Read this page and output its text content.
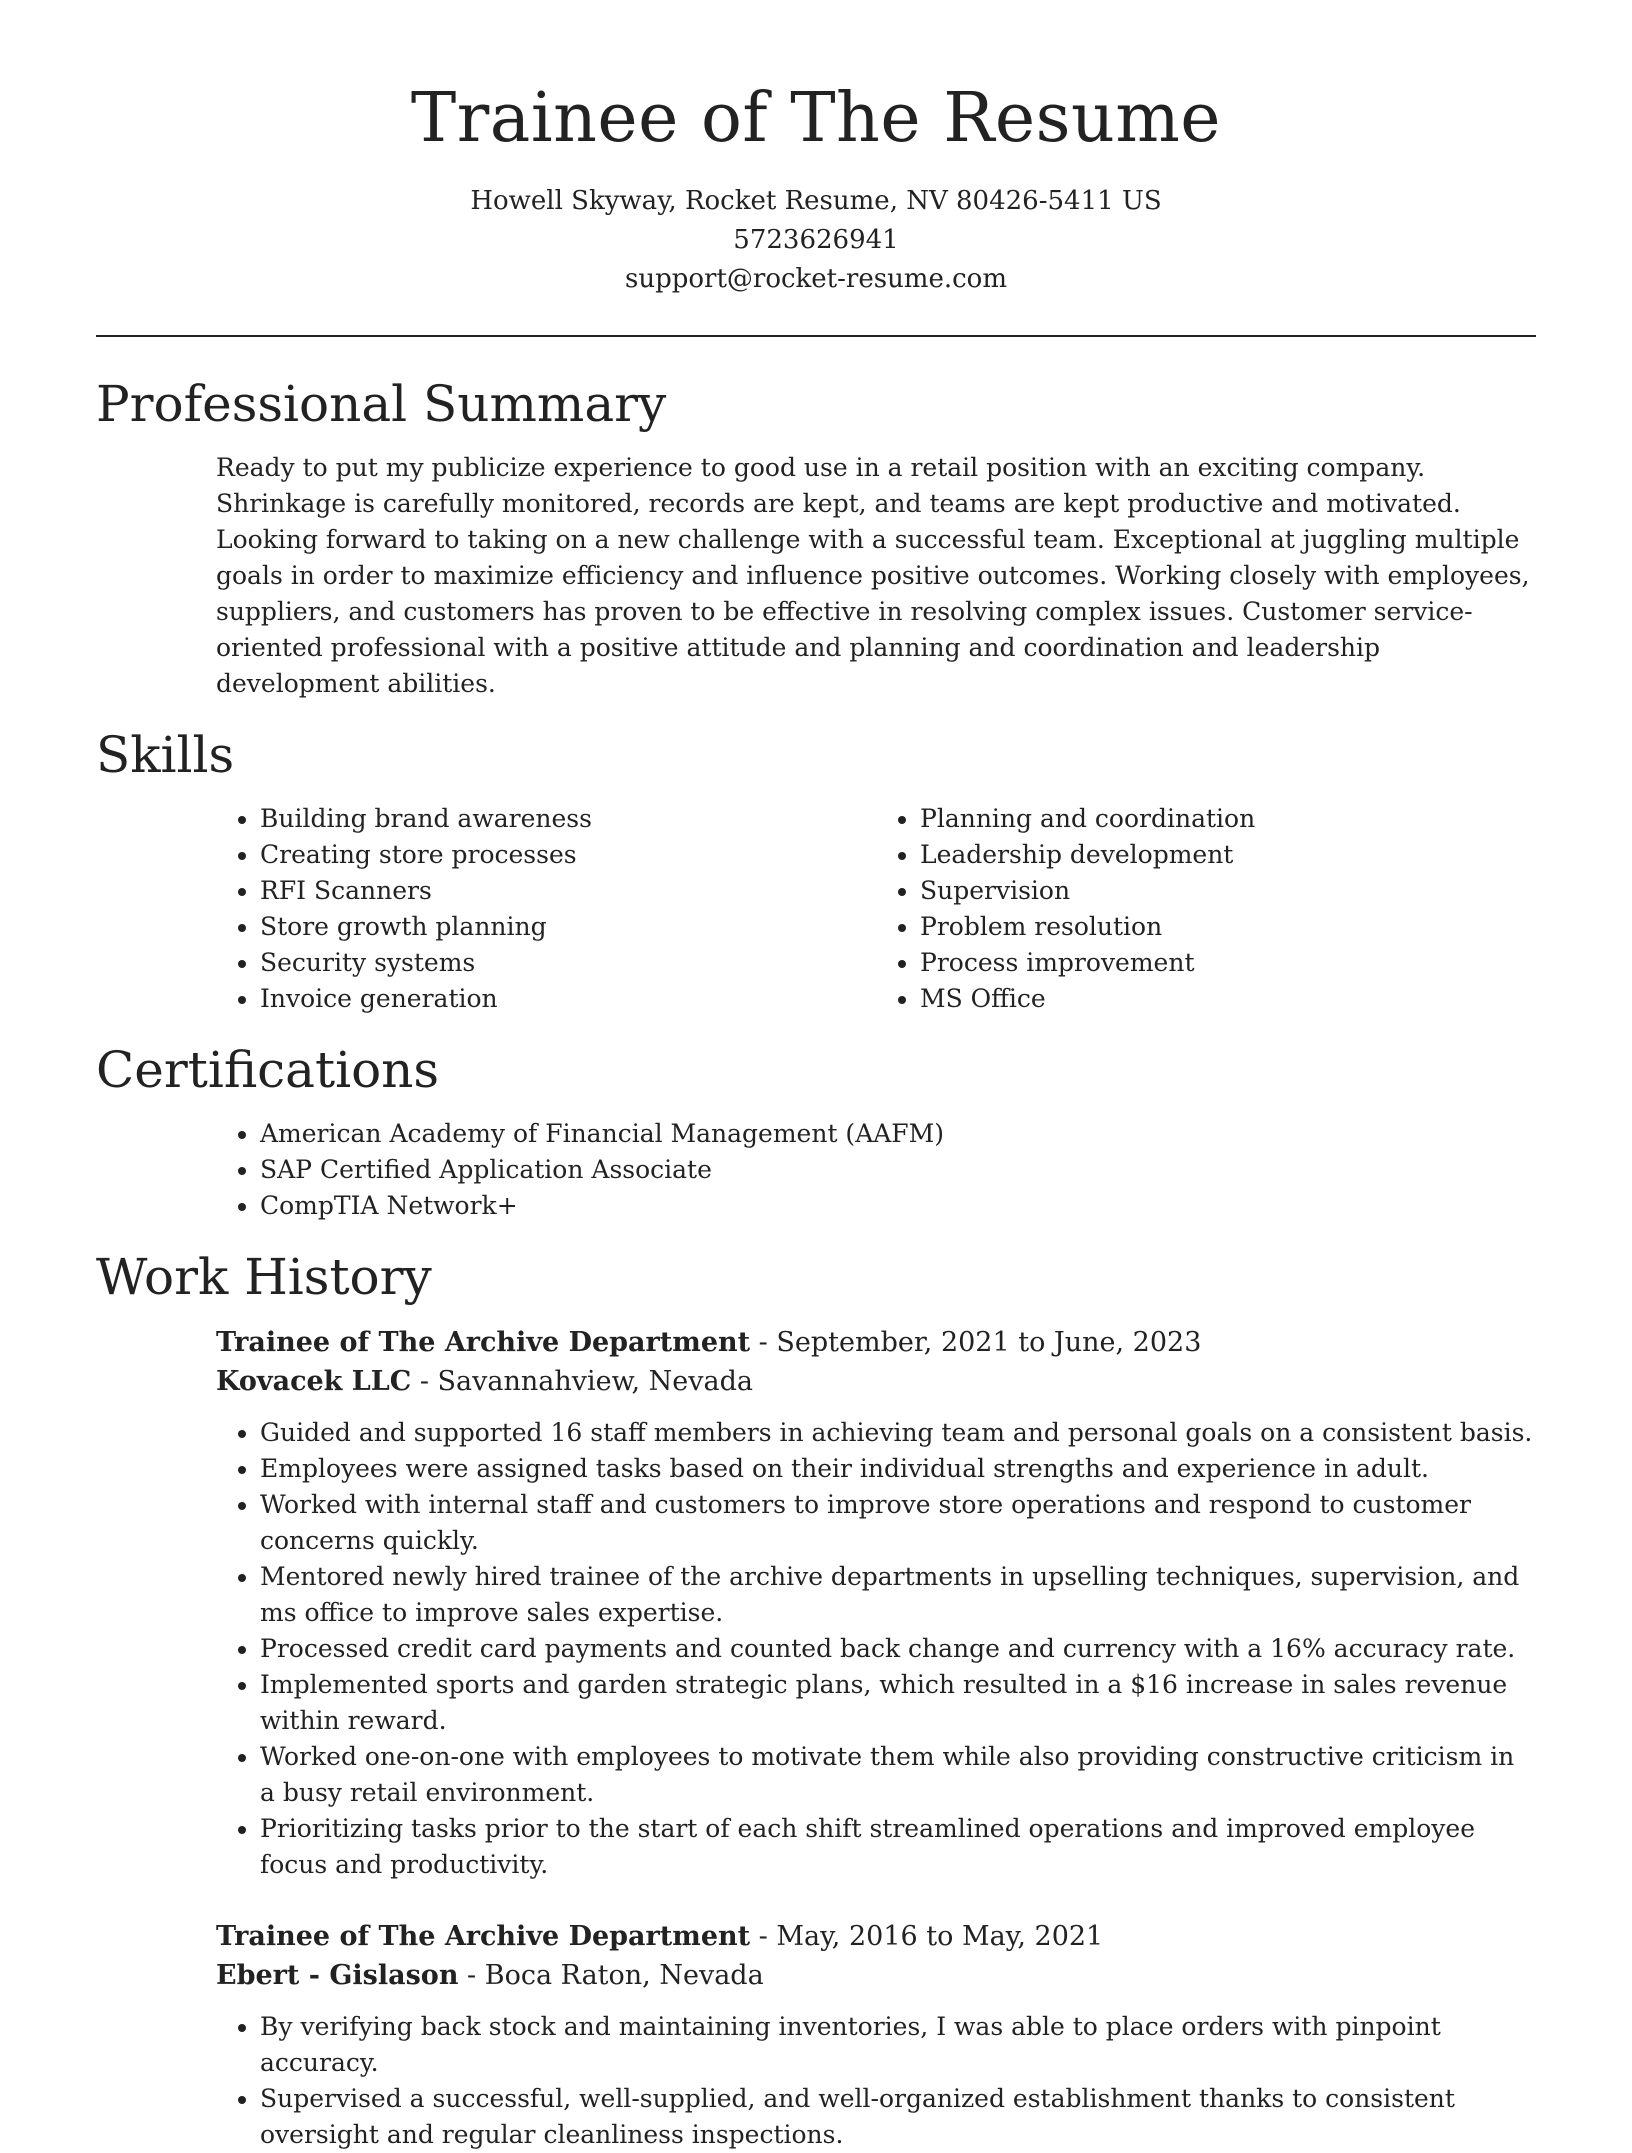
Trainee of The Resume

Howell Skyway, Rocket Resume, NV 80426-5411 US

5723626941

support@rocket-resume.com

Professional Summary

Ready to put my publicize experience to good use in a retail position with an exciting company. Shrinkage is carefully monitored, records are kept, and teams are kept productive and motivated. Looking forward to taking on a new challenge with a successful team. Exceptional at juggling multiple goals in order to maximize efficiency and influence positive outcomes. Working closely with employees, suppliers, and customers has proven to be effective in resolving complex issues. Customer service-oriented professional with a positive attitude and planning and coordination and leadership development abilities.

Skills
• Building brand awareness
• Creating store processes
• RFI Scanners
• Store growth planning
• Security systems
• Invoice generation
• Planning and coordination
• Leadership development
• Supervision
• Problem resolution
• Process improvement
• MS Office
Certifications
• American Academy of Financial Management (AAFM)
• SAP Certified Application Associate
• CompTIA Network+
Work History

Trainee of The Archive Department - September, 2021 to June, 2023

Kovacek LLC - Savannahview, Nevada

• Guided and supported 16 staff members in achieving team and personal goals on a consistent basis.
• Employees were assigned tasks based on their individual strengths and experience in adult.
• Worked with internal staff and customers to improve store operations and respond to customer concerns quickly.
• Mentored newly hired trainee of the archive departments in upselling techniques, supervision, and ms office to improve sales expertise.
• Processed credit card payments and counted back change and currency with a 16% accuracy rate.
• Implemented sports and garden strategic plans, which resulted in a $16 increase in sales revenue within reward.
• Worked one-on-one with employees to motivate them while also providing constructive criticism in a busy retail environment.
• Prioritizing tasks prior to the start of each shift streamlined operations and improved employee focus and productivity.

Trainee of The Archive Department - May, 2016 to May, 2021

Ebert - Gislason - Boca Raton, Nevada

• By verifying back stock and maintaining inventories, I was able to place orders with pinpoint accuracy.
• Supervised a successful, well-supplied, and well-organized establishment thanks to consistent oversight and regular cleanliness inspections.
